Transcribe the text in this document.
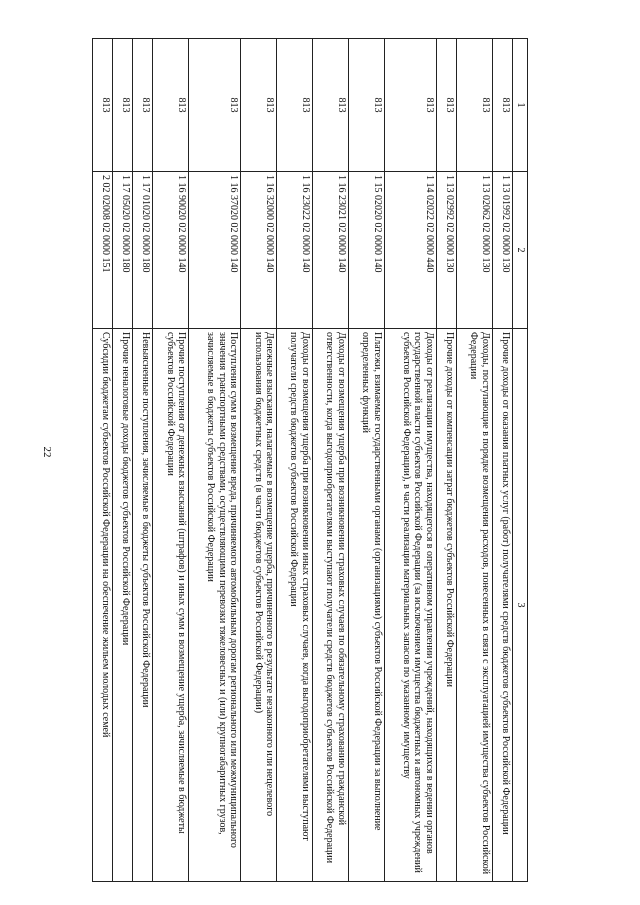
22
1	2	3
813	1 13 01992 02 0000 130	Прочие доходы от оказания платных услуг (работ) получателями средств бюджетов субъектов Российской Федерации
813	1 13 02062 02 0000 130	Доходы, поступающие в порядке возмещения расходов, понесенных в связи с эксплуатацией имущества субъектов Российской Федерации
813	1 13 02992 02 0000 130	Прочие доходы от компенсации затрат бюджетов субъектов Российской Федерации
813	1 14 02022 02 0000 440	Доходы от реализации имущества, находящегося в оперативном управлении учреждений, находящихся в ведении органов государственной власти субъектов Российской Федерации (за исключением имущества бюджетных и автономных учреждений субъектов Российской Федерации), в части реализации материальных запасов по указанному имуществу
813	1 15 02020 02 0000 140	Платежи, взимаемые государственными органами (организациями) субъектов Российской Федерации за выполнение определенных функций
813	1 16 23021 02 0000 140	Доходы от возмещения ущерба при возникновении страховых случаев по обязательному страхованию гражданской ответственности, когда выгодоприобретателями выступают получатели средств бюджетов субъектов Российской Федерации
813	1 16 23022 02 0000 140	Доходы от возмещения ущерба при возникновении иных страховых случаев, когда выгодоприобретателями выступают получатели средств бюджетов субъектов Российской Федерации
813	1 16 32000 02 0000 140	Денежные взыскания, налагаемые в возмещение ущерба, причиненного в результате незаконного или нецелевого использования бюджетных средств (в части бюджетов субъектов Российской Федерации)
813	1 16 37020 02 0000 140	Поступления сумм в возмещение вреда, причиняемого автомобильным дорогам регионального или межмуниципального значения транспортными средствами, осуществляющими перевозки тяжеловесных и (или) крупногабаритных грузов, зачисляемые в бюджеты субъектов Российской Федерации
813	1 16 90020 02 0000 140	Прочие поступления от денежных взысканий (штрафов) и иных сумм в возмещение ущерба, зачисляемые в бюджеты субъектов Российской Федерации
813	1 17 01020 02 0000 180	Невыясненные поступления, зачисляемые в бюджеты субъектов Российской Федерации
813	1 17 05020 02 0000 180	Прочие неналоговые доходы бюджетов субъектов Российской Федерации
813	2 02 02008 02 0000 151	Субсидии бюджетам субъектов Российской Федерации на обеспечение жильем молодых семей
